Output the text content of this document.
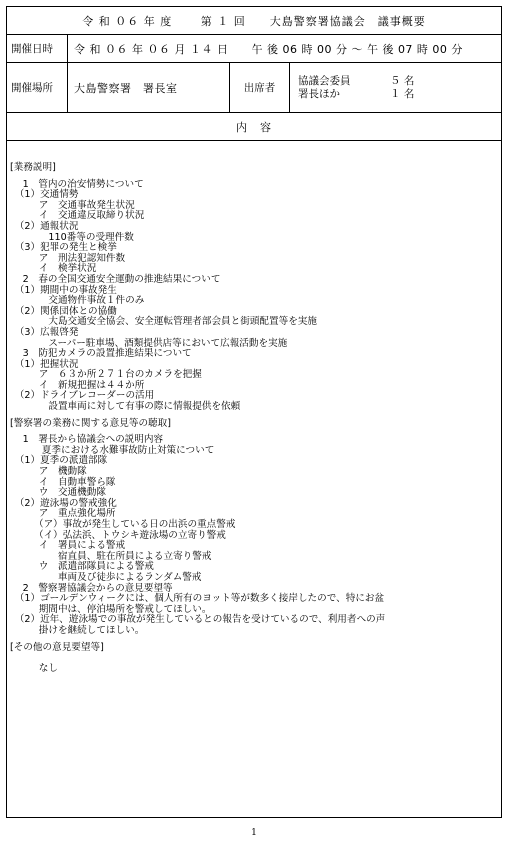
令 和 ０６ 年 度　　 第 １ 回　　大島警察署協議会　議事概要
開催日時	令 和 ０６ 年 ０６ 月 １４ 日　　午 後 06 時 00 分 ～ 午 後 07 時 00 分
開催場所	大島警察署　署長室	出席者
協議会委員	５ 名
署長ほか	１ 名
内　容
[業務説明]
　 1　管内の治安情勢について
　（1）交通情勢
　　　ア　交通事故発生状況
　　　イ　交通違反取締り状況
　（2）通報状況
　　　　110番等の受理件数
　（3）犯罪の発生と検挙
　　　ア　刑法犯認知件数
　　　イ　検挙状況
　 2　春の全国交通安全運動の推進結果について
　（1）期間中の事故発生
　　　　交通物件事故１件のみ
　（2）関係団体との協働
　　　　大島交通安全協会、安全運転管理者部会員と街頭配置等を実施
　（3）広報啓発
　　　　スーパー駐車場、酒類提供店等において広報活動を実施
　 3　防犯カメラの設置推進結果について
　（1）把握状況
　　　ア　６３か所２７１台のカメラを把握
　　　イ　新規把握は４４か所
　（2）ドライブレコーダーの活用
　　　　設置車両に対して有事の際に情報提供を依頼
[警察署の業務に関する意見等の聴取]
　 1　署長から協議会への説明内容
　　　 夏季における水難事故防止対策について
　（1）夏季の派遣部隊
　　　ア　機動隊
　　　イ　自動車警ら隊
　　　ウ　交通機動隊
　（2）遊泳場の警戒強化
　　　ア　重点強化場所
　　　（ア）事故が発生している日の出浜の重点警戒
　　　（イ）弘法浜、トウシキ遊泳場の立寄り警戒
　　　イ　署員による警戒
　　　　　宿直員、駐在所員による立寄り警戒
　　　ウ　派遣部隊員による警戒
　　　　　車両及び徒歩によるランダム警戒
　 2　警察署協議会からの意見要望等
　（1）ゴールデンウィークには、個人所有のヨット等が数多く接岸したので、特にお盆
　　　期間中は、停泊場所を警戒してほしい。
　（2）近年、遊泳場での事故が発生しているとの報告を受けているので、利用者への声
　　　掛けを継続してほしい。
[その他の意見要望等]
　　　なし
1
